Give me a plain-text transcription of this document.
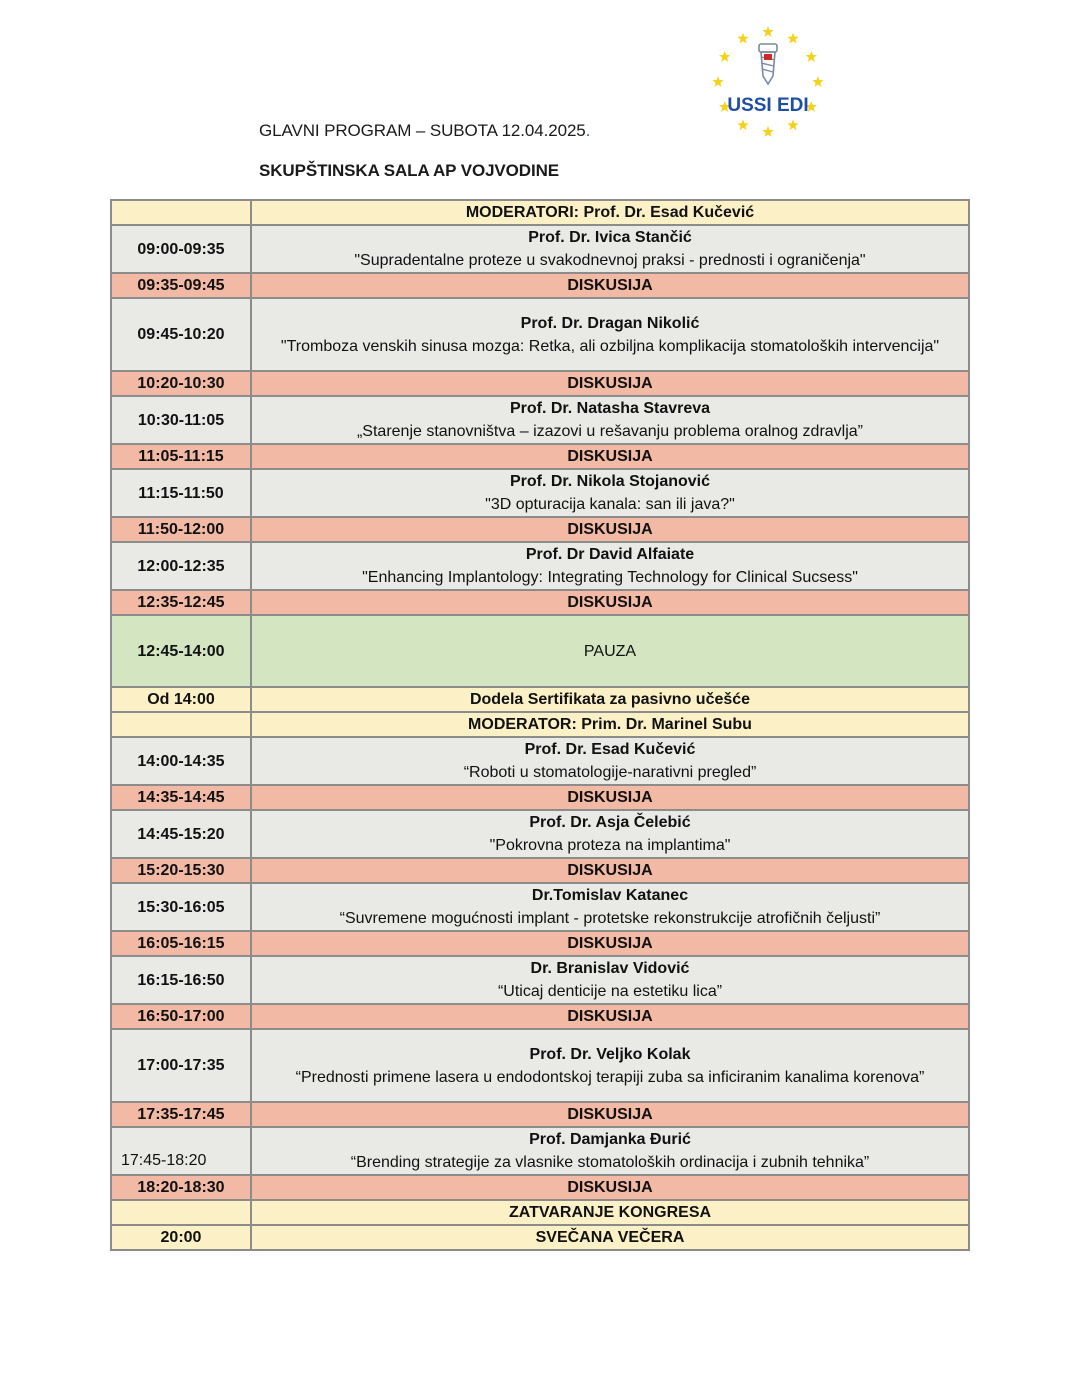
USSI EDI
GLAVNI PROGRAM – SUBOTA 12.04.2025.
SKUPŠTINSKA SALA AP VOJVODINE
	MODERATORI: Prof. Dr. Esad Kučević
09:00-09:35	Prof. Dr. Ivica Stančić
"Supradentalne proteze u svakodnevnoj praksi - prednosti i ograničenja"

09:35-09:45	DISKUSIJA
09:45-10:20	Prof. Dr. Dragan Nikolić
"Tromboza venskih sinusa mozga: Retka, ali ozbiljna komplikacija stomatoloških intervencija"

10:20-10:30	DISKUSIJA
10:30-11:05	Prof. Dr. Natasha Stavreva
„Starenje stanovništva – izazovi u rešavanju problema oralnog zdravlja”

11:05-11:15	DISKUSIJA
11:15-11:50	Prof. Dr. Nikola Stojanović
"3D opturacija kanala: san ili java?"

11:50-12:00	DISKUSIJA
12:00-12:35	Prof. Dr David Alfaiate
"Enhancing Implantology: Integrating Technology for Clinical Sucsess"

12:35-12:45	DISKUSIJA
12:45-14:00	PAUZA
Od 14:00	Dodela Sertifikata za pasivno učešće
	MODERATOR: Prim. Dr. Marinel Subu
14:00-14:35	Prof. Dr. Esad Kučević
“Roboti u stomatologije-narativni pregled”

14:35-14:45	DISKUSIJA
14:45-15:20	Prof. Dr. Asja Čelebić
"Pokrovna proteza na implantima"

15:20-15:30	DISKUSIJA
15:30-16:05	Dr.Tomislav Katanec
“Suvremene mogućnosti implant - protetske rekonstrukcije atrofičnih čeljusti”

16:05-16:15	DISKUSIJA
16:15-16:50	Dr. Branislav Vidović
“Uticaj denticije na estetiku lica”

16:50-17:00	DISKUSIJA
17:00-17:35	Prof. Dr. Veljko Kolak
“Prednosti primene lasera u endodontskoj terapiji zuba sa inficiranim kanalima korenova”

17:35-17:45	DISKUSIJA
17:45-18:20	Prof. Damjanka Đurić
“Brending strategije za vlasnike stomatoloških ordinacija i zubnih tehnika”

18:20-18:30	DISKUSIJA
	ZATVARANJE KONGRESA
20:00	SVEČANA VEČERA
